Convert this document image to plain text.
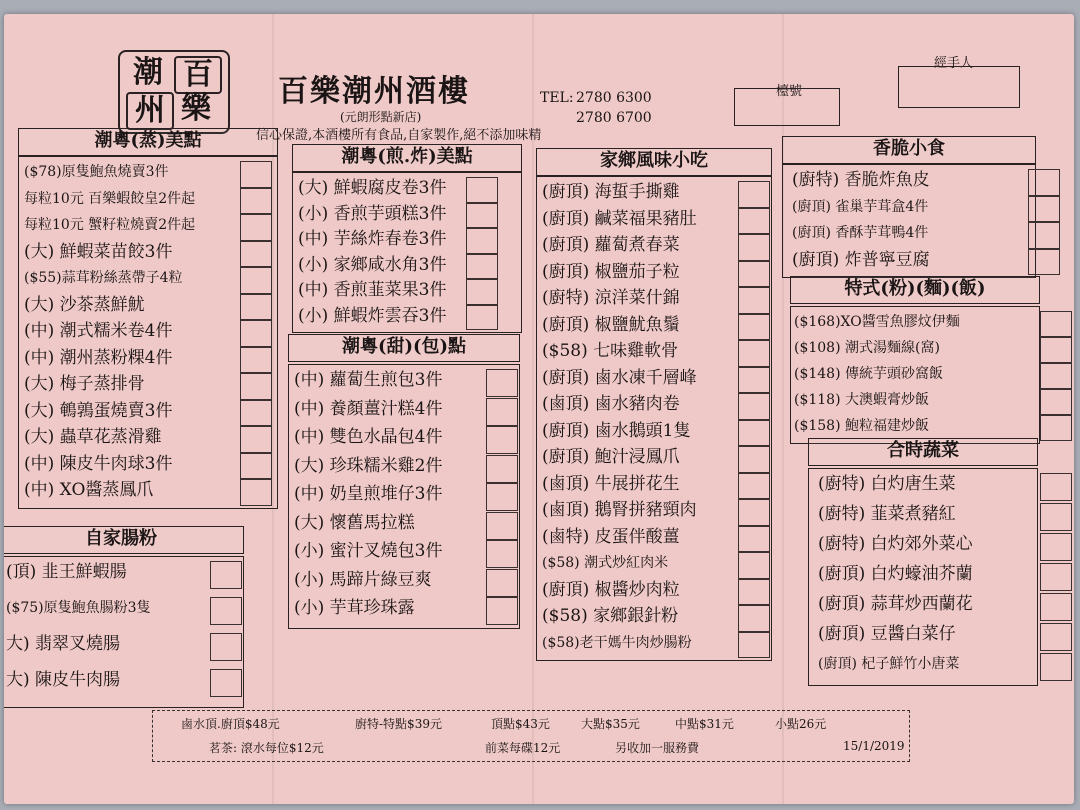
潮 百
州 樂 百樂潮州酒樓
(元朗形點新店)
TEL: 2780 6300
2780 6700
信心保證,本酒樓所有食品,自家製作,絕不添加味精
檯號
經手人
潮粵(蒸)美點
($78)原隻鮑魚燒賣3件
每粒10元 百樂蝦餃皇2件起
每粒10元 蟹籽粒燒賣2件起
(大) 鮮蝦菜苗餃3件
($55)蒜茸粉絲蒸帶子4粒
(大) 沙茶蒸鮮魷
(中) 潮式糯米卷4件
(中) 潮州蒸粉粿4件
(大) 梅子蒸排骨
(大) 鵪鶉蛋燒賣3件
(大) 蟲草花蒸滑雞
(中) 陳皮牛肉球3件
(中) XO醬蒸鳳爪
自家腸粉
(頂) 韭王鮮蝦腸
($75)原隻鮑魚腸粉3隻
大) 翡翠叉燒腸
大) 陳皮牛肉腸
潮粵(煎.炸)美點
(大) 鮮蝦腐皮卷3件
(小) 香煎芋頭糕3件
(中) 芋絲炸春卷3件
(小) 家鄉咸水角3件
(中) 香煎韮菜果3件
(小) 鮮蝦炸雲吞3件
潮粵(甜)(包)點
(中) 蘿蔔生煎包3件
(中) 養顏薑汁糕4件
(中) 雙色水晶包4件
(大) 珍珠糯米雞2件
(中) 奶皇煎堆仔3件
(大) 懷舊馬拉糕
(小) 蜜汁叉燒包3件
(小) 馬蹄片綠豆爽
(小) 芋茸珍珠露
家鄉風味小吃
(廚頂) 海蜇手撕雞
(廚頂) 鹹菜福果豬肚
(廚頂) 蘿蔔煮春菜
(廚頂) 椒鹽茄子粒
(廚特) 涼洋菜什錦
(廚頂) 椒鹽魷魚鬚
($58) 七味雞軟骨
(廚頂) 鹵水凍千層峰
(鹵頂) 鹵水豬肉卷
(廚頂) 鹵水鵝頭1隻
(廚頂) 鮑汁浸鳳爪
(鹵頂) 牛展拼花生
(鹵頂) 鵝腎拼豬頸肉
(鹵特) 皮蛋伴酸薑
($58) 潮式炒紅肉米
(廚頂) 椒醬炒肉粒
($58) 家鄉銀針粉
($58)老干媽牛肉炒腸粉
香脆小食
(廚特) 香脆炸魚皮
(廚頂) 雀巢芋茸盒4件
(廚頂) 香酥芋茸鴨4件
(廚頂) 炸普寧豆腐
特式(粉)(麵)(飯)
($168)XO醬雪魚膠炆伊麵
($108) 潮式湯麵線(窩)
($148) 傳統芋頭砂窩飯
($118) 大澳蝦膏炒飯
($158) 鮑粒福建炒飯
合時蔬菜
(廚特) 白灼唐生菜
(廚特) 韮菜煮豬紅
(廚特) 白灼郊外菜心
(廚頂) 白灼蠔油芥蘭
(廚頂) 蒜茸炒西蘭花
(廚頂) 豆醬白菜仔
(廚頂) 杞子鮮竹小唐菜
鹵水頂.廚頂$48元	廚特-特點$39元	頂點$43元	大點$35元	中點$31元	小點26元
茗茶: 滾水每位$12元	前菜每碟12元	另收加一服務費	15/1/2019
